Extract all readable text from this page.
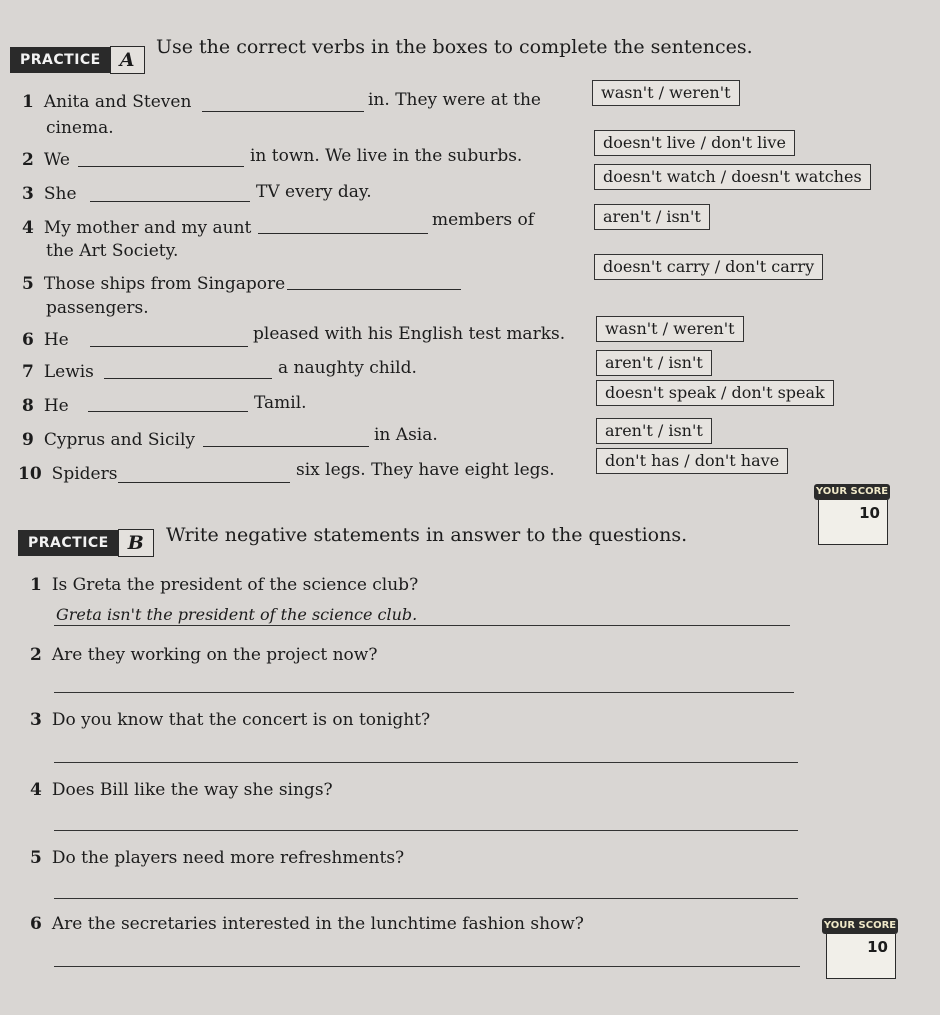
PRACTICE	A
Use the correct verbs in the boxes to complete the sentences.
1 Anita and Steven	in. They were at the
cinema.
wasn't / weren't
2 We	in town. We live in the suburbs.
doesn't live / don't live
3 She	TV every day.
doesn't watch / doesn't watches
4 My mother and my aunt	members of
the Art Society.
aren't / isn't
5 Those ships from Singapore
passengers.
doesn't carry / don't carry
6 He	pleased with his English test marks.	wasn't / weren't
7 Lewis	a naughty child.	aren't / isn't
8 He	Tamil.
doesn't speak / don't speak
9 Cyprus and Sicily	in Asia.	aren't / isn't
10 Spiders	six legs. They have eight legs.	don't has / don't have
YOUR SCORE
10
PRACTICE	B	Write negative statements in answer to the questions.
1 Is Greta the president of the science club?
Greta isn't the president of the science club.
2 Are they working on the project now?
3 Do you know that the concert is on tonight?
4 Does Bill like the way she sings?
5 Do the players need more refreshments?
6 Are the secretaries interested in the lunchtime fashion show?	YOUR SCORE
10
